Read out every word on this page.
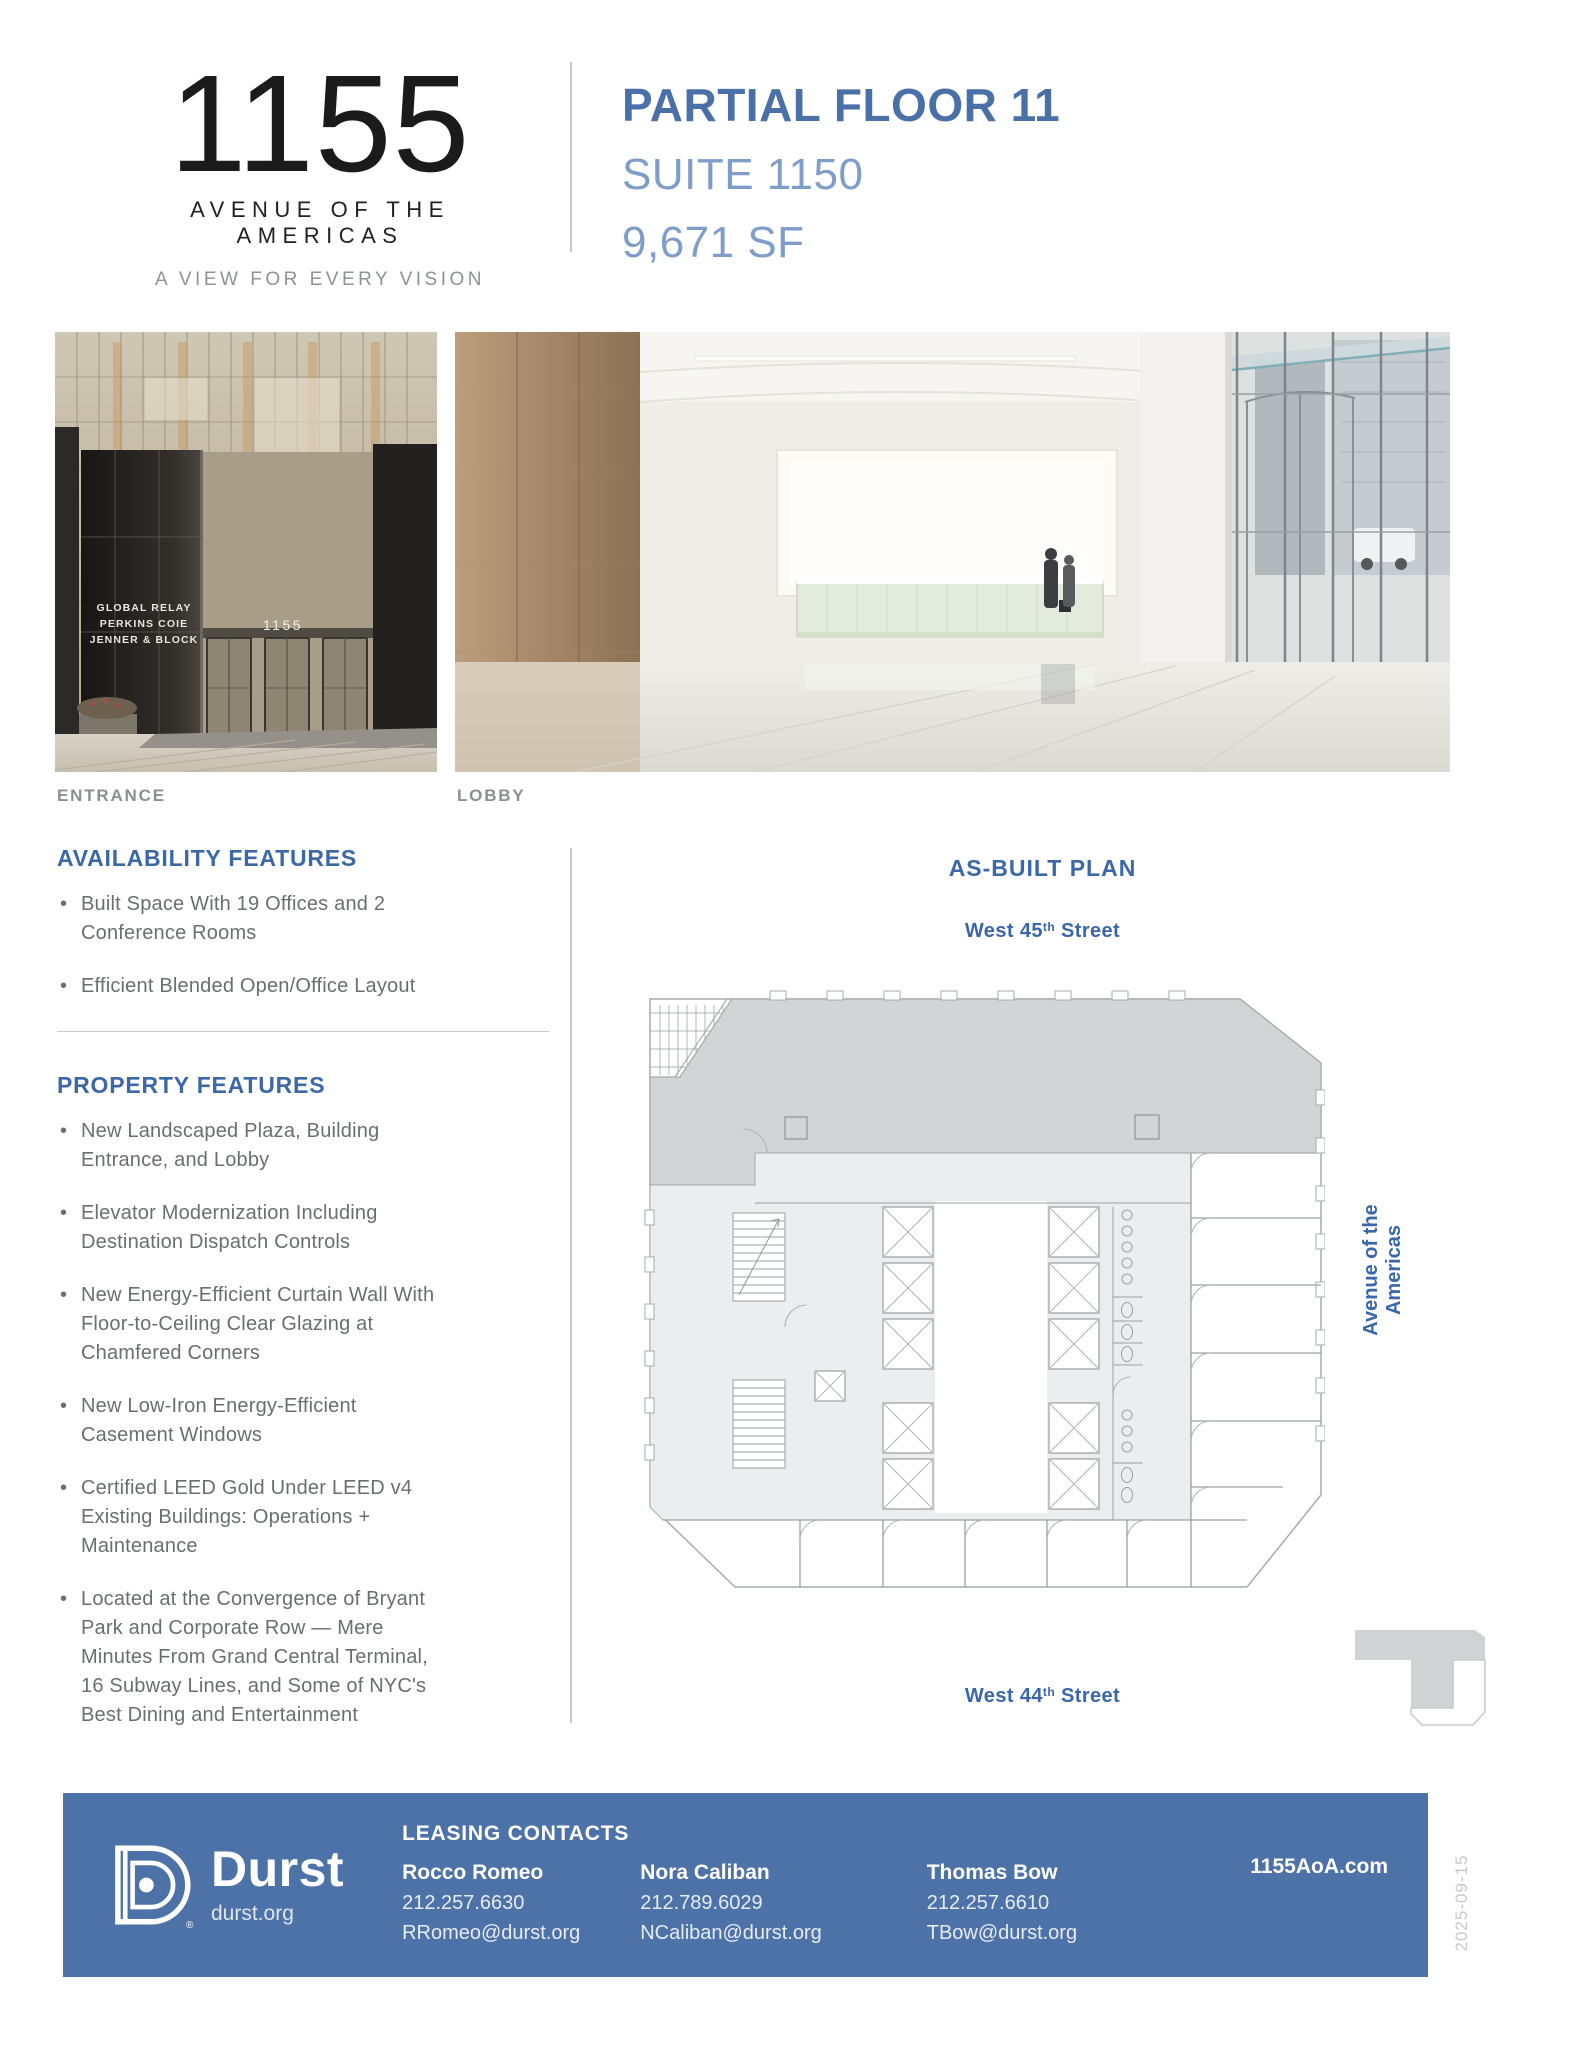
1155
AVENUE OF THE AMERICAS
A VIEW FOR EVERY VISION
PARTIAL FLOOR 11
SUITE 1150
9,671 SF
GLOBAL RELAY
PERKINS COIE
JENNER & BLOCK
1155
ENTRANCE	LOBBY
AVAILABILITY FEATURES
• Built Space With 19 Offices and 2 Conference Rooms
• Efficient Blended Open/Office Layout
PROPERTY FEATURES
• New Landscaped Plaza, Building Entrance, and Lobby
• Elevator Modernization Including Destination Dispatch Controls
• New Energy-Efficient Curtain Wall With Floor-to-Ceiling Clear Glazing at Chamfered Corners
• New Low-Iron Energy-Efficient Casement Windows
• Certified LEED Gold Under LEED v4 Existing Buildings: Operations + Maintenance
• Located at the Convergence of Bryant Park and Corporate Row — Mere Minutes From Grand Central Terminal, 16 Subway Lines, and Some of NYC's Best Dining and Entertainment
AS-BUILT PLAN
West 45th Street
West 44th Street
Avenue of the Americas
®
Durst
durst.org
LEASING CONTACTS
Rocco Romeo
212.257.6630
RRomeo@durst.org
Nora Caliban
212.789.6029
NCaliban@durst.org
Thomas Bow
212.257.6610
TBow@durst.org
1155AoA.com	2025-09-15
